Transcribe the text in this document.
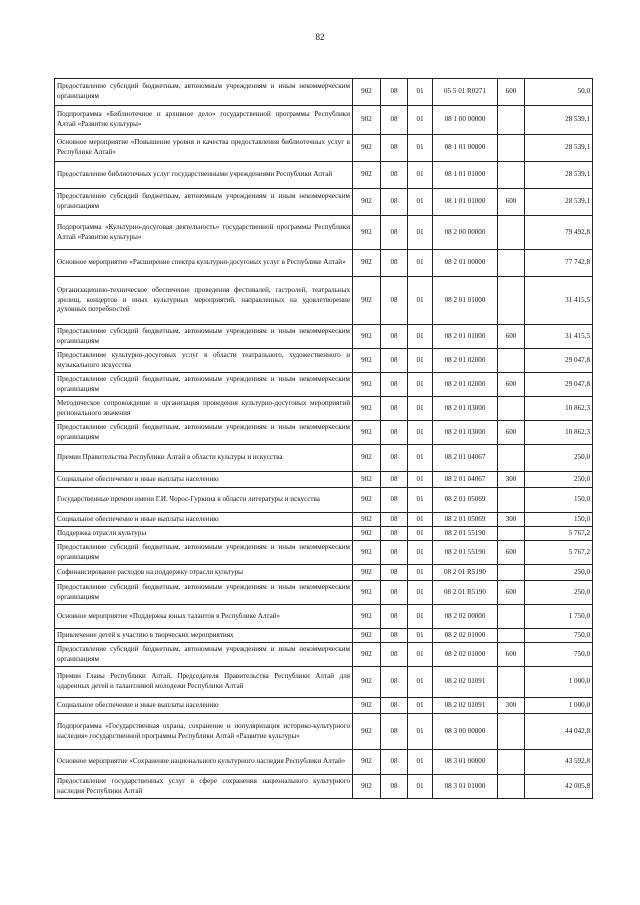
82
Предоставление субсидий бюджетным, автономным учреждениям и иным некоммерческим организациям	902	08	01	05 5 01 R0271	600	50,0
Подпрограмма «Библиотечное и архивное дело» государственной программы Республики Алтай «Развитие культуры»	902	08	01	08 1 00 00000		28 539,1
Основное мероприятие «Повышение уровня и качества предоставления библиотечных услуг в Республике Алтай»	902	08	01	08 1 01 00000		28 539,1
Предоставление библиотечных услуг государственными учреждениями Республики Алтай	902	08	01	08 1 01 01000		28 539,1
Предоставление субсидий бюджетным, автономным учреждениям и иным некоммерческим организациям	902	08	01	08 1 01 01000	600	28 539,1
Подпрограмма «Культурно-досуговая деятельность» государственной программы Республики Алтай «Развитие культуры»	902	08	01	08 2 00 00000		79 492,8
Основное мероприятие «Расширение спектра культурно-досуговых услуг в Республике Алтай»	902	08	01	08 2 01 00000		77 742,8
Организационно-техническое обеспечение проведения фестивалей, гастролей, театральных зрелищ, концертов и иных культурных мероприятий, направленных на удовлетворение духовных потребностей	902	08	01	08 2 01 01000		31 415,5
Предоставление субсидий бюджетным, автономным учреждениям и иным некоммерческим организациям	902	08	01	08 2 01 01000	600	31 415,5
Предоставление культурно-досуговых услуг в области театрального, художественного и музыкального искусства	902	08	01	08 2 01 02000		29 047,8
Предоставление субсидий бюджетным, автономным учреждениям и иным некоммерческим организациям	902	08	01	08 2 01 02000	600	29 047,8
Методическое сопровождение и организация проведения культурно-досуговых мероприятий регионального значения	902	08	01	08 2 01 03000		10 862,3
Предоставление субсидий бюджетным, автономным учреждениям и иным некоммерческим организациям	902	08	01	08 2 01 03000	600	10 862,3
Премии Правительства Республики Алтай в области культуры и искусства	902	08	01	08 2 01 04067		250,0
Социальное обеспечение и иные выплаты населению	902	08	01	08 2 01 04067	300	250,0
Государственные премии имени Г.И. Чорос-Гуркина в области литературы и искусства	902	08	01	08 2 01 05069		150,0
Социальное обеспечение и иные выплаты населению	902	08	01	08 2 01 05069	300	150,0
Поддержка отрасли культуры	902	08	01	08 2 01 55190		5 767,2
Предоставление субсидий бюджетным, автономным учреждениям и иным некоммерческим организациям	902	08	01	08 2 01 55190	600	5 767,2
Софинансирование расходов на поддержку отрасли культуры	902	08	01	08 2 01 R5190		250,0
Предоставление субсидий бюджетным, автономным учреждениям и иным некоммерческим организациям	902	08	01	08 2 01 R5190	600	250,0
Основное мероприятие «Поддержка юных талантов в Республике Алтай»	902	08	01	08 2 02 00000		1 750,0
Привлечение детей к участию в творческих мероприятиях	902	08	01	08 2 02 01000		750,0
Предоставление субсидий бюджетным, автономным учреждениям и иным некоммерческим организациям	902	08	01	08 2 02 01000	600	750,0
Премии Главы Республики Алтай, Председателя Правительства Республики Алтай для одаренных детей и талантливой молодежи Республики Алтай	902	08	01	08 2 02 01091		1 000,0
Социальное обеспечение и иные выплаты населению	902	08	01	08 2 02 01091	300	1 000,0
Подпрограмма «Государственная охрана, сохранение и популяризация историко-культурного наследия» государственной программы Республики Алтай «Развитие культуры»	902	08	01	08 3 00 00000		44 042,8
Основное мероприятие «Сохранение национального культурного наследия Республики Алтай»	902	08	01	08 3 01 00000		43 592,8
Предоставление государственных услуг в сфере сохранения национального культурного наследия Республики Алтай	902	08	01	08 3 01 01000		42 005,8
